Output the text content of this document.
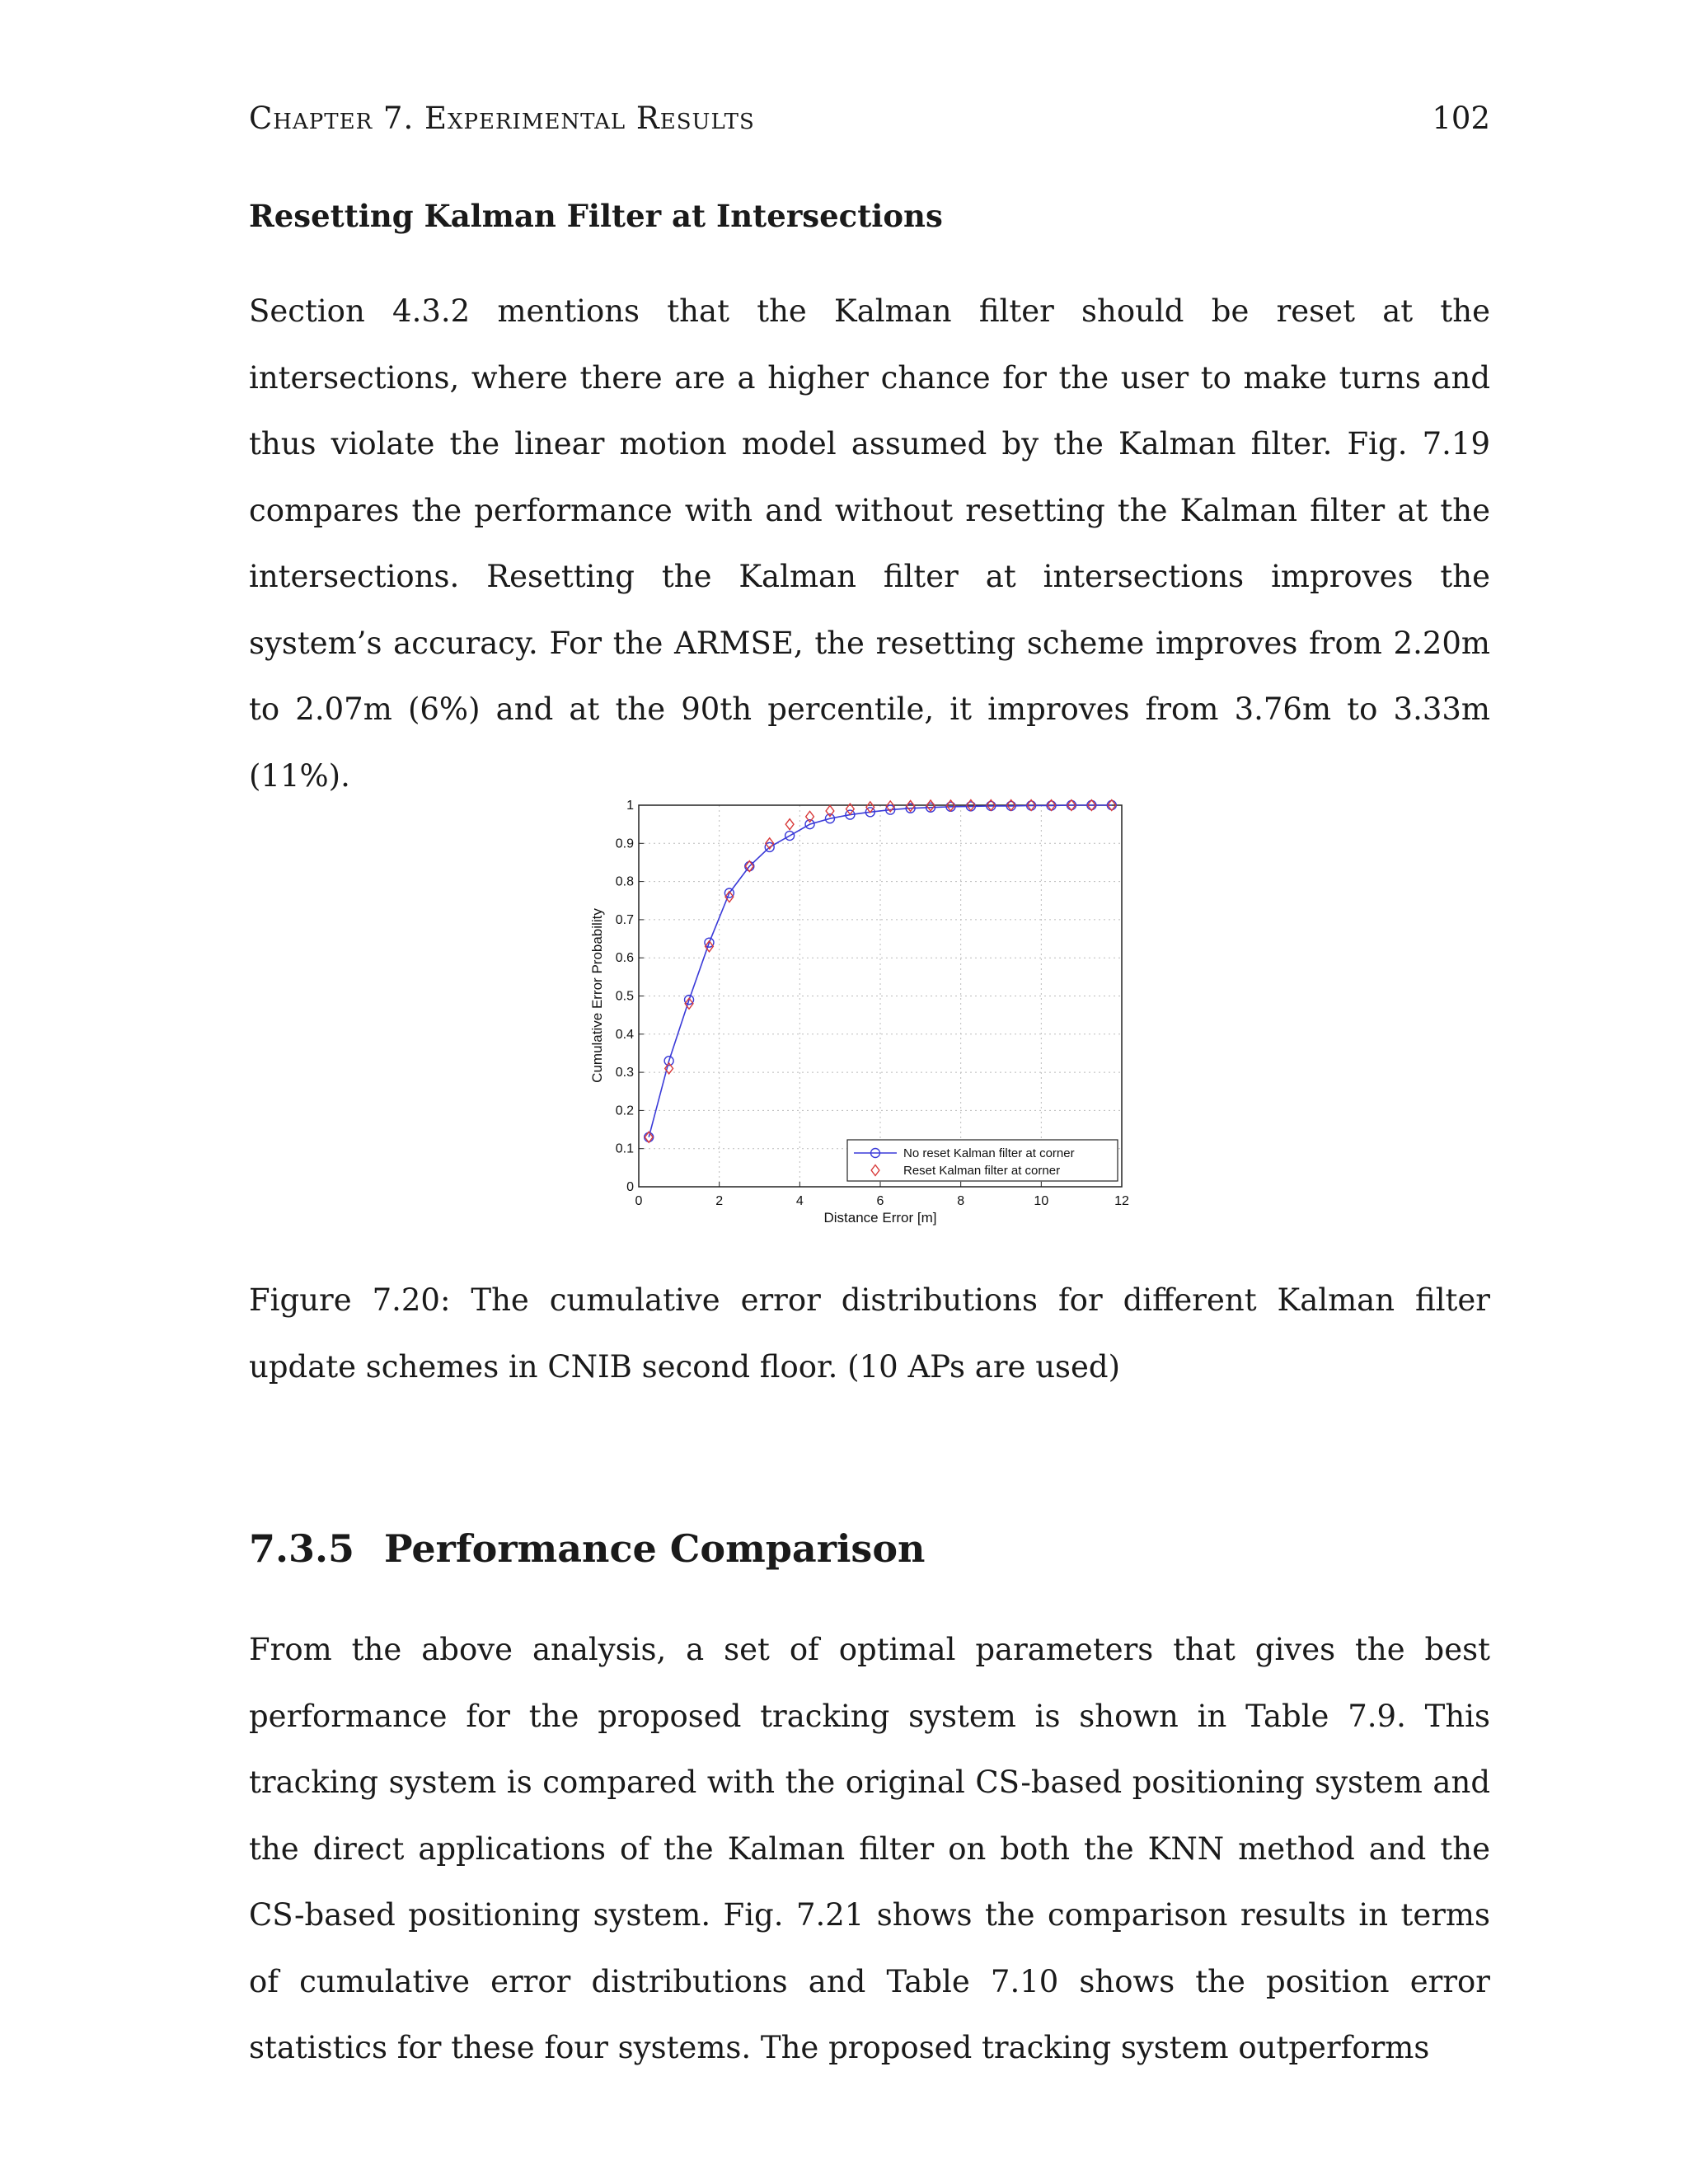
Chapter 7. Experimental Results	102
Resetting Kalman Filter at Intersections

Section 4.3.2 mentions that the Kalman filter should be reset at the intersections, where there are a higher chance for the user to make turns and thus violate the linear motion model assumed by the Kalman filter. Fig. 7.19 compares the performance with and without resetting the Kalman filter at the intersections. Resetting the Kalman filter at intersections improves the system’s accuracy. For the ARMSE, the resetting scheme improves from 2.20m to 2.07m (6%) and at the 90th percentile, it improves from 3.76m to 3.33m (11%).

0	2	4	6	8	10	12
0
0.1
0.2
0.3
0.4
0.5
0.6
0.7
0.8
0.9
1
Distance Error [m]
Cumulative Error Probability
No reset Kalman filter at corner
Reset Kalman filter at corner

Figure 7.20: The cumulative error distributions for different Kalman filter update schemes in CNIB second floor. (10 APs are used)

7.3.5 Performance Comparison

From the above analysis, a set of optimal parameters that gives the best performance for the proposed tracking system is shown in Table 7.9. This tracking system is compared with the original CS-based positioning system and the direct applications of the Kalman filter on both the KNN method and the CS-based positioning system. Fig. 7.21 shows the comparison results in terms of cumulative error distributions and Table 7.10 shows the position error statistics for these four systems. The proposed tracking system outperforms
